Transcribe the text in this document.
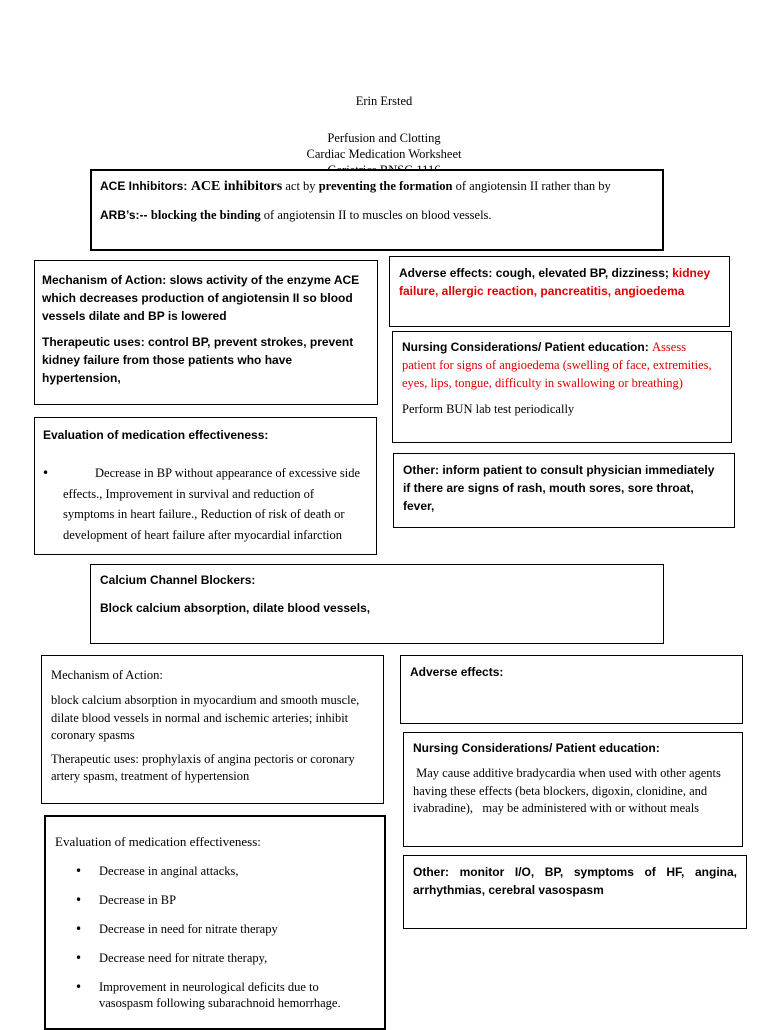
Erin Ersted
Perfusion and Clotting
Cardiac Medication Worksheet

ACE Inhibitors: ACE inhibitors act by preventing the formation of angiotensin II rather than by

ARB’s:-- blocking the binding of angiotensin II to muscles on blood vessels.

Mechanism of Action: slows activity of the enzyme ACE which decreases production of angiotensin II so blood vessels dilate and BP is lowered

Therapeutic uses: control BP, prevent strokes, prevent kidney failure from those patients who have hypertension,

Adverse effects: cough, elevated BP, dizziness; kidney failure, allergic reaction, pancreatitis, angioedema

Nursing Considerations/ Patient education: Assess patient for signs of angioedema (swelling of face, extremities, eyes, lips, tongue, difficulty in swallowing or breathing)

Perform BUN lab test periodically

Evaluation of medication effectiveness:

•	Decrease in BP without appearance of excessive side effects., Improvement in survival and reduction of symptoms in heart failure., Reduction of risk of death or development of heart failure after myocardial infarction

Other: inform patient to consult physician immediately if there are signs of rash, mouth sores, sore throat, fever,

Calcium Channel Blockers:

Block calcium absorption, dilate blood vessels,

Mechanism of Action:

block calcium absorption in myocardium and smooth muscle, dilate blood vessels in normal and ischemic arteries; inhibit coronary spasms

Therapeutic uses: prophylaxis of angina pectoris or coronary artery spasm, treatment of hypertension

Adverse effects:

Nursing Considerations/ Patient education:

May cause additive bradycardia when used with other agents having these effects (beta blockers, digoxin, clonidine, and ivabradine),   may be administered with or without meals

Evaluation of medication effectiveness:

• Decrease in anginal attacks,
• Decrease in BP
• Decrease in need for nitrate therapy
• Decrease need for nitrate therapy,
• Improvement in neurological deficits due to vasospasm following subarachnoid hemorrhage.

Other: monitor I/O, BP, symptoms of HF, angina, arrhythmias, cerebral vasospasm
